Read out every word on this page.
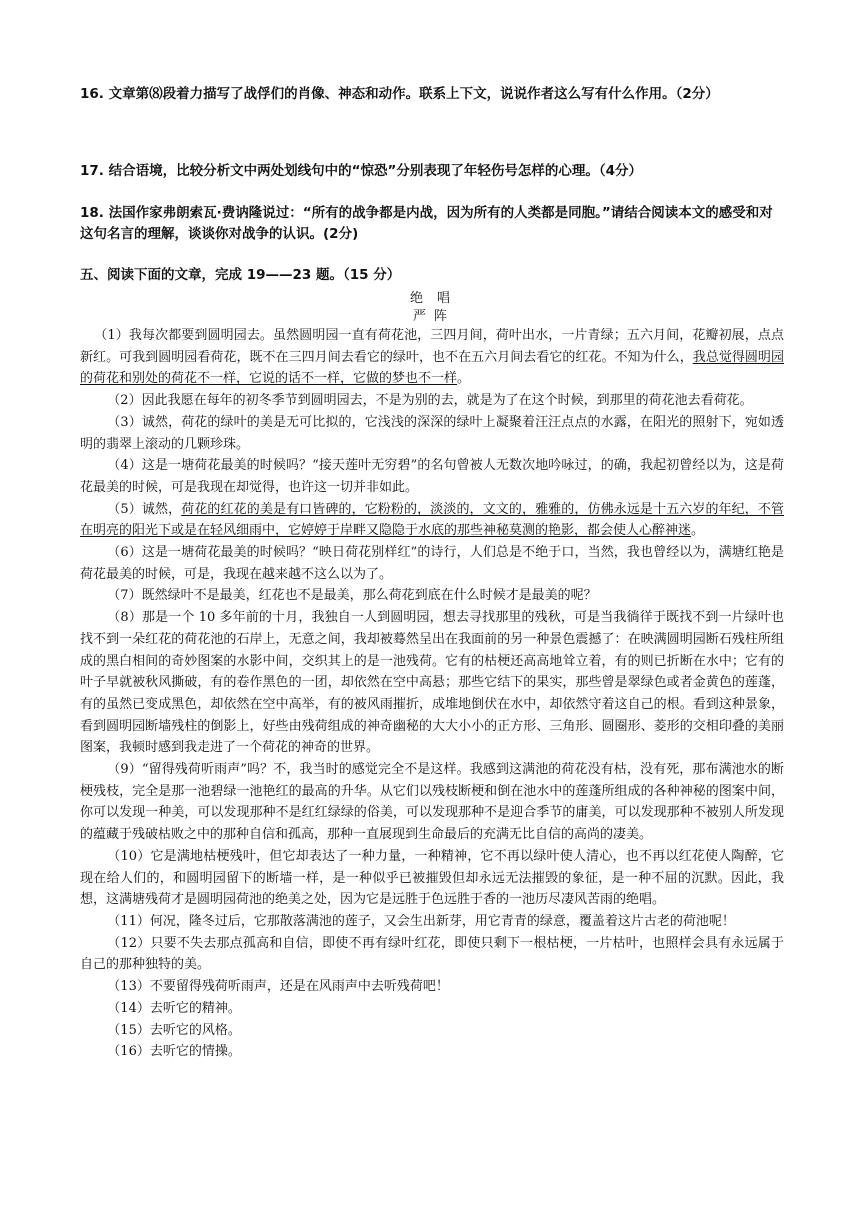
16. 文章第⑻段着力描写了战俘们的肖像、神态和动作。联系上下文，说说作者这么写有什么作用。（2分）
17. 结合语境，比较分析文中两处划线句中的“惊恐”分别表现了年轻伤号怎样的心理。（4分）
18. 法国作家弗朗索瓦·费讷隆说过：“所有的战争都是内战，因为所有的人类都是同胞。”请结合阅读本文的感受和对这句名言的理解，谈谈你对战争的认识。(2分)
五、阅读下面的文章，完成 19——23 题。（15 分）
绝唱
严阵

（1）我每次都要到圆明园去。虽然圆明园一直有荷花池，三四月间，荷叶出水，一片青绿；五六月间，花瓣初展，点点新红。可我到圆明园看荷花，既不在三四月间去看它的绿叶，也不在五六月间去看它的红花。不知为什么，我总觉得圆明园的荷花和别处的荷花不一样，它说的话不一样，它做的梦也不一样。

（2）因此我愿在每年的初冬季节到圆明园去，不是为别的去，就是为了在这个时候，到那里的荷花池去看荷花。

（3）诚然，荷花的绿叶的美是无可比拟的，它浅浅的深深的绿叶上凝聚着汪汪点点的水露，在阳光的照射下，宛如透明的翡翠上滚动的几颗珍珠。

（4）这是一塘荷花最美的时候吗？“接天莲叶无穷碧”的名句曾被人无数次地吟咏过，的确，我起初曾经以为，这是荷花最美的时候，可是我现在却觉得，也许这一切并非如此。

（5）诚然，荷花的红花的美是有口皆碑的，它粉粉的，淡淡的，文文的，雅雅的，仿佛永远是十五六岁的年纪，不管在明亮的阳光下或是在轻风细雨中，它婷婷于岸畔又隐隐于水底的那些神秘莫测的艳影，都会使人心醉神迷。

（6）这是一塘荷花最美的时候吗？“映日荷花别样红”的诗行，人们总是不绝于口，当然，我也曾经以为，满塘红艳是荷花最美的时候，可是，我现在越来越不这么以为了。

（7）既然绿叶不是最美，红花也不是最美，那么荷花到底在什么时候才是最美的呢？

（8）那是一个 10 多年前的十月，我独自一人到圆明园，想去寻找那里的残秋，可是当我徜徉于既找不到一片绿叶也找不到一朵红花的荷花池的石岸上，无意之间，我却被蓦然呈出在我面前的另一种景色震撼了：在映满圆明园断石残柱所组成的黑白相间的奇妙图案的水影中间，交织其上的是一池残荷。它有的枯梗还高高地耸立着，有的则已折断在水中；它有的叶子早就被秋风撕破，有的卷作黑色的一团，却依然在空中高悬；那些它结下的果实，那些曾是翠绿色或者金黄色的莲蓬，有的虽然已变成黑色，却依然在空中高举，有的被风雨摧折，成堆地倒伏在水中，却依然守着这自己的根。看到这种景象，看到圆明园断墙残柱的倒影上，好些由残荷组成的神奇幽秘的大大小小的正方形、三角形、圆圈形、菱形的交相印叠的美丽图案，我顿时感到我走进了一个荷花的神奇的世界。

（9）“留得残荷听雨声”吗？不，我当时的感觉完全不是这样。我感到这满池的荷花没有枯，没有死，那布满池水的断梗残枝，完全是那一池碧绿一池艳红的最高的升华。从它们以残枝断梗和倒在池水中的莲蓬所组成的各种神秘的图案中间，你可以发现一种美，可以发现那种不是红红绿绿的俗美，可以发现那种不是迎合季节的庸美，可以发现那种不被别人所发现的蕴藏于残破枯败之中的那种自信和孤高，那种一直展现到生命最后的充满无比自信的高尚的凄美。

（10）它是满地枯梗残叶，但它却表达了一种力量，一种精神，它不再以绿叶使人清心，也不再以红花使人陶醉，它现在给人们的，和圆明园留下的断墙一样，是一种似乎已被摧毁但却永远无法摧毁的象征，是一种不屈的沉默。因此，我想，这满塘残荷才是圆明园荷池的绝美之处，因为它是远胜于色远胜于香的一池历尽凄风苦雨的绝唱。

（11）何况，隆冬过后，它那散落满池的莲子，又会生出新芽，用它青青的绿意，覆盖着这片古老的荷池呢！

（12）只要不失去那点孤高和自信，即使不再有绿叶红花，即使只剩下一根枯梗，一片枯叶，也照样会具有永远属于自己的那种独特的美。

（13）不要留得残荷听雨声，还是在风雨声中去听残荷吧！

（14）去听它的精神。

（15）去听它的风格。

（16）去听它的情操。
